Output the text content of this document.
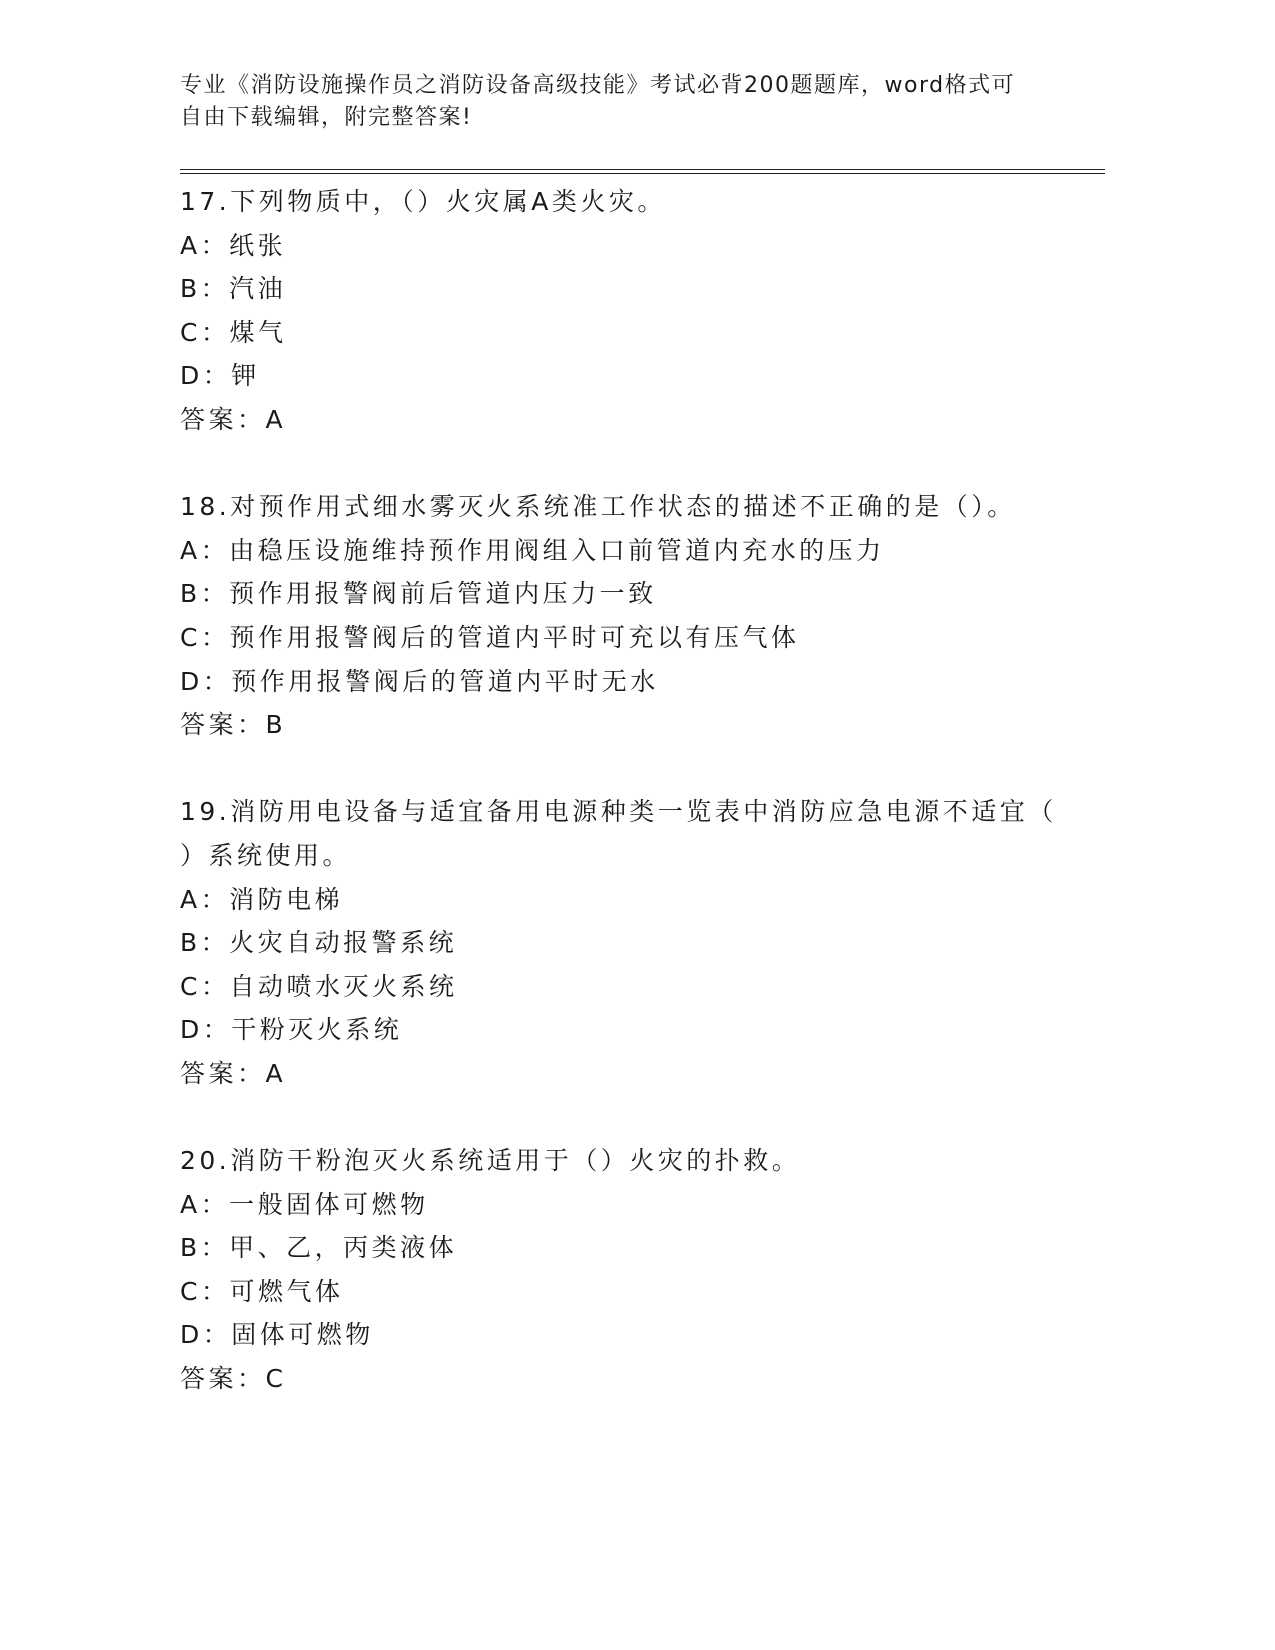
专业《消防设施操作员之消防设备高级技能》考试必背200题题库，word格式可
自由下载编辑，附完整答案!
17.下列物质中，（）火灾属A类火灾。
A：纸张
B：汽油
C：煤气
D：钾
答案：A
18.对预作用式细水雾灭火系统准工作状态的描述不正确的是（）。
A：由稳压设施维持预作用阀组入口前管道内充水的压力
B：预作用报警阀前后管道内压力一致
C：预作用报警阀后的管道内平时可充以有压气体
D：预作用报警阀后的管道内平时无水
答案：B
19.消防用电设备与适宜备用电源种类一览表中消防应急电源不适宜（
）系统使用。
A：消防电梯
B：火灾自动报警系统
C：自动喷水灭火系统
D：干粉灭火系统
答案：A
20.消防干粉泡灭火系统适用于（）火灾的扑救。
A：一般固体可燃物
B：甲、乙，丙类液体
C：可燃气体
D：固体可燃物
答案：C
